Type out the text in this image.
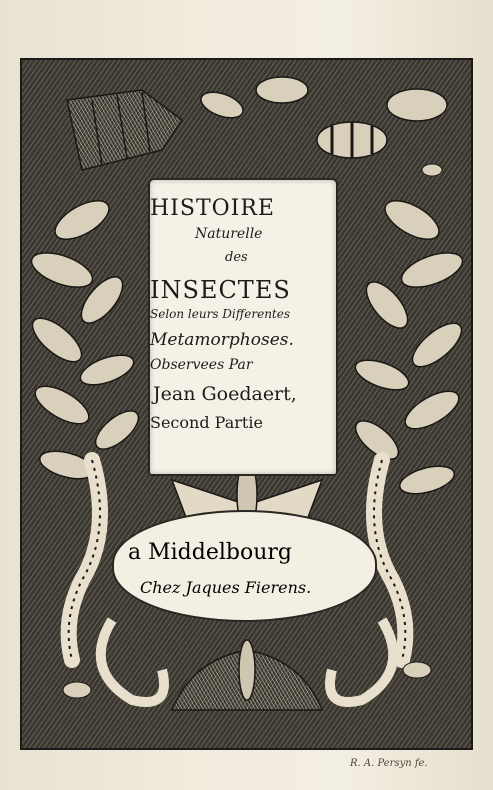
HISTOIRE
Naturelle
des
INSECTES
Selon leurs Differentes
Metamorphoses.
Observees Par
Jean Goedaert,
Second Partie
a Middelbourg
Chez Jaques Fierens.
R. A. Persyn fe.
